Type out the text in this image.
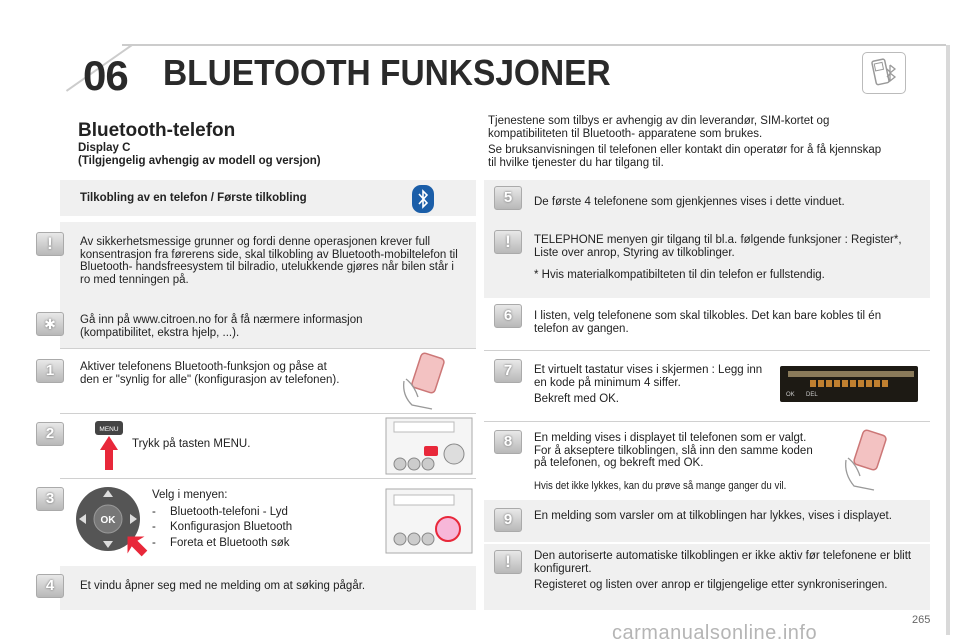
06 BLUETOOTH FUNKSJONER
Bluetooth-telefon
Display C
(Tilgjengelig avhengig av modell og versjon)

Tjenestene som tilbys er avhengig av din leverandør, SIM-kortet og kompatibiliteten til Bluetooth- apparatene som brukes.

Se bruksanvisningen til telefonen eller kontakt din operatør for å få kjennskap til hvilke tjenester du har tilgang til.

Tilkobling av en telefon / Første tilkobling
!	Av sikkerhetsmessige grunner og fordi denne operasjonen krever full konsentrasjon fra førerens side, skal tilkobling av Bluetooth-mobiltelefon til Bluetooth- handsfreesystem til bilradio, utelukkende gjøres når bilen står i ro med tenningen på.
✱	Gå inn på www.citroen.no for å få nærmere informasjon (kompatibilitet, ekstra hjelp, ...).
1	Aktiver telefonens Bluetooth-funksjon og påse at den er "synlig for alle" (konfigurasjon av telefonen).
2	MENU
Trykk på tasten MENU.
3
OK

Velg i menyen:

- Bluetooth-telefoni - Lyd
- Konfigurasjon Bluetooth
- Foreta et Bluetooth søk
4	Et vindu åpner seg med ne melding om at søking pågår.
5	De første 4 telefonene som gjenkjennes vises i dette vinduet.
!	TELEPHONE menyen gir tilgang til bl.a. følgende funksjoner : Register*, Liste over anrop, Styring av tilkoblinger.

* Hvis materialkompatibilteten til din telefon er fullstendig.

6	I listen, velg telefonene som skal tilkobles. Det kan bare kobles til én telefon av gangen.
7	Et virtuelt tastatur vises i skjermen : Legg inn en kode på minimum 4 siffer.

Bekreft med OK.	OK DEL
8	En melding vises i displayet til telefonen som er valgt. For å akseptere tilkoblingen, slå inn den samme koden på telefonen, og bekreft med OK.
Hvis det ikke lykkes, kan du prøve så mange ganger du vil.
9	En melding som varsler om at tilkoblingen har lykkes, vises i displayet.
!	Den autoriserte automatiske tilkoblingen er ikke aktiv før telefonene er blitt konfigurert.

Registeret og listen over anrop er tilgjengelige etter synkroniseringen.

265
carmanualsonline.info
